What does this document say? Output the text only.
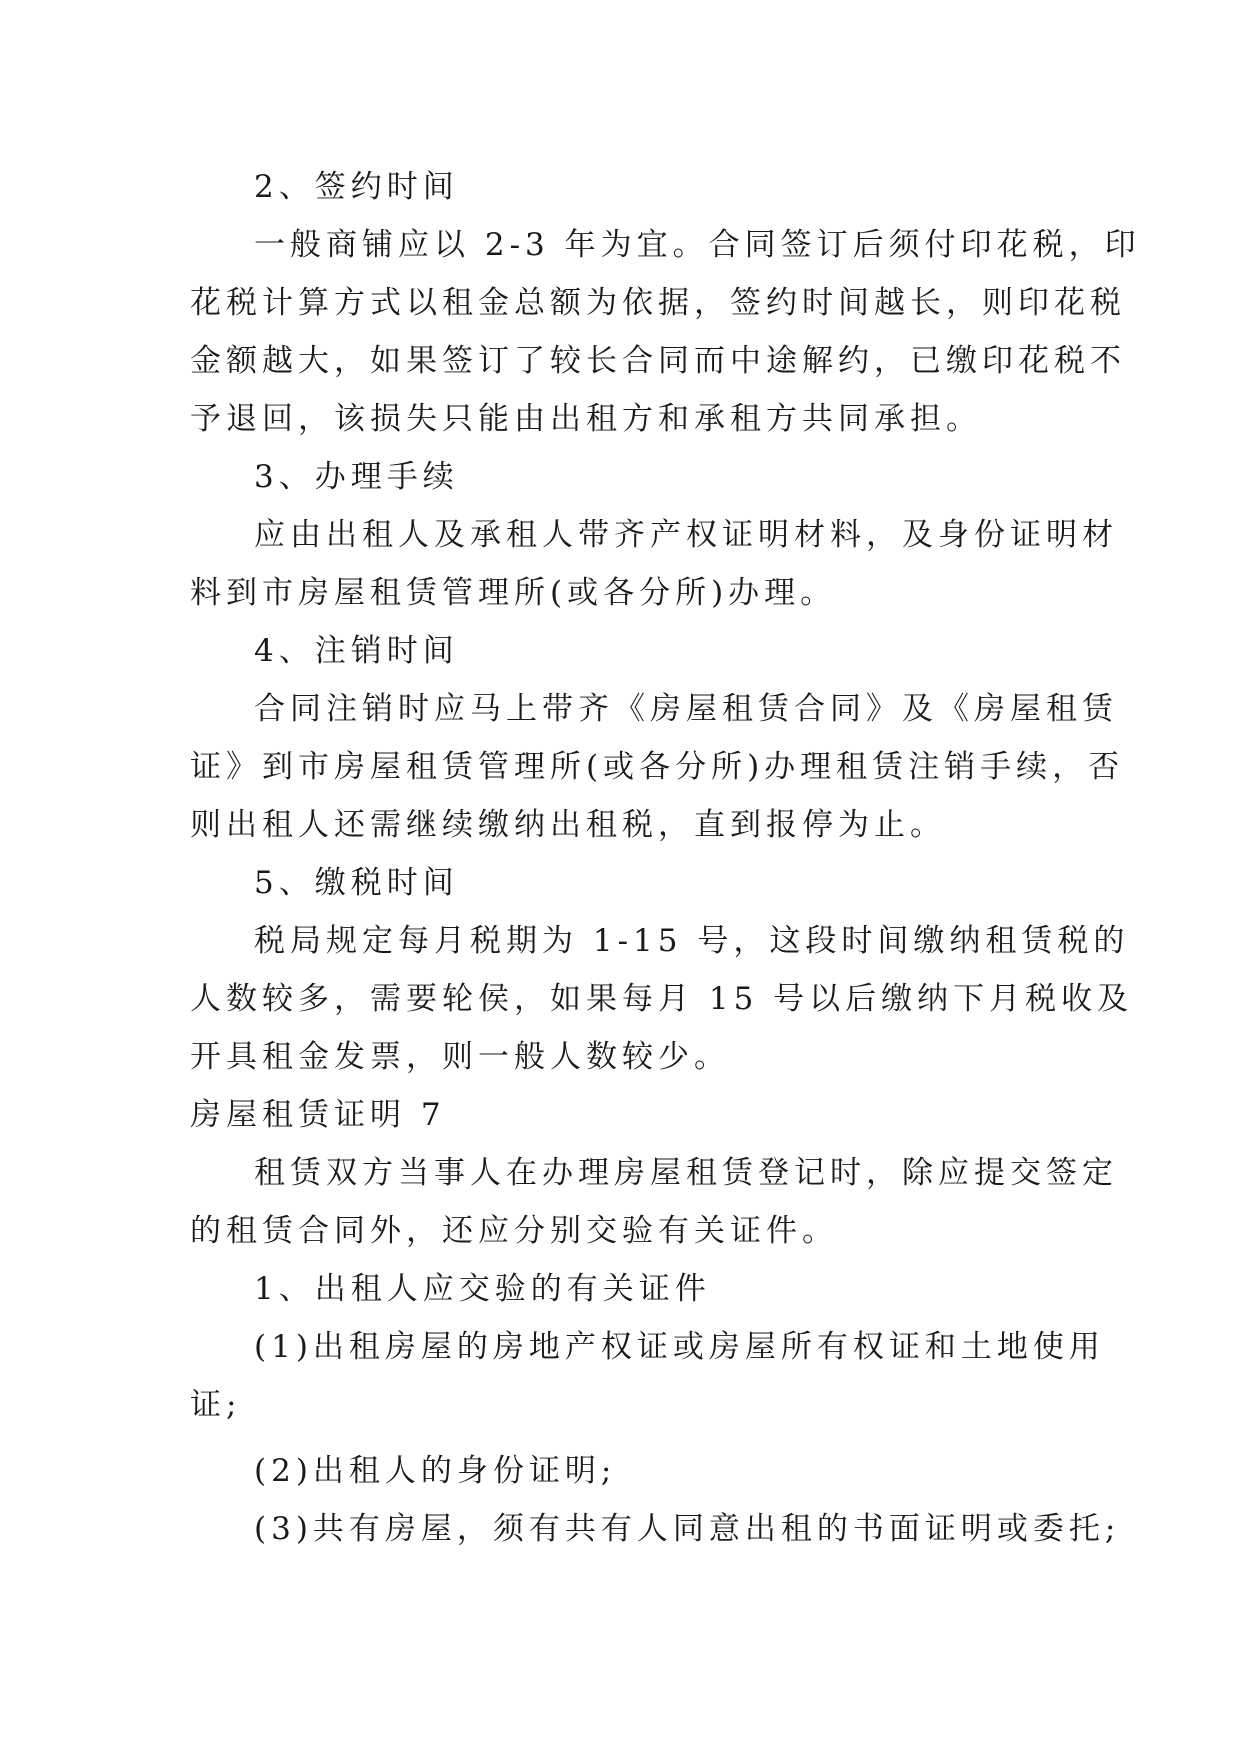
2、签约时间
一般商铺应以 2-3 年为宜。合同签订后须付印花税，印
花税计算方式以租金总额为依据，签约时间越长，则印花税
金额越大，如果签订了较长合同而中途解约，已缴印花税不
予退回，该损失只能由出租方和承租方共同承担。
3、办理手续
应由出租人及承租人带齐产权证明材料，及身份证明材
料到市房屋租赁管理所(或各分所)办理。
4、注销时间
合同注销时应马上带齐《房屋租赁合同》及《房屋租赁
证》到市房屋租赁管理所(或各分所)办理租赁注销手续，否
则出租人还需继续缴纳出租税，直到报停为止。
5、缴税时间
税局规定每月税期为 1-15 号，这段时间缴纳租赁税的
人数较多，需要轮侯，如果每月 15 号以后缴纳下月税收及
开具租金发票，则一般人数较少。
房屋租赁证明 7
租赁双方当事人在办理房屋租赁登记时，除应提交签定
的租赁合同外，还应分别交验有关证件。
1、出租人应交验的有关证件
(1)出租房屋的房地产权证或房屋所有权证和土地使用
证;
(2)出租人的身份证明;
(3)共有房屋，须有共有人同意出租的书面证明或委托;
